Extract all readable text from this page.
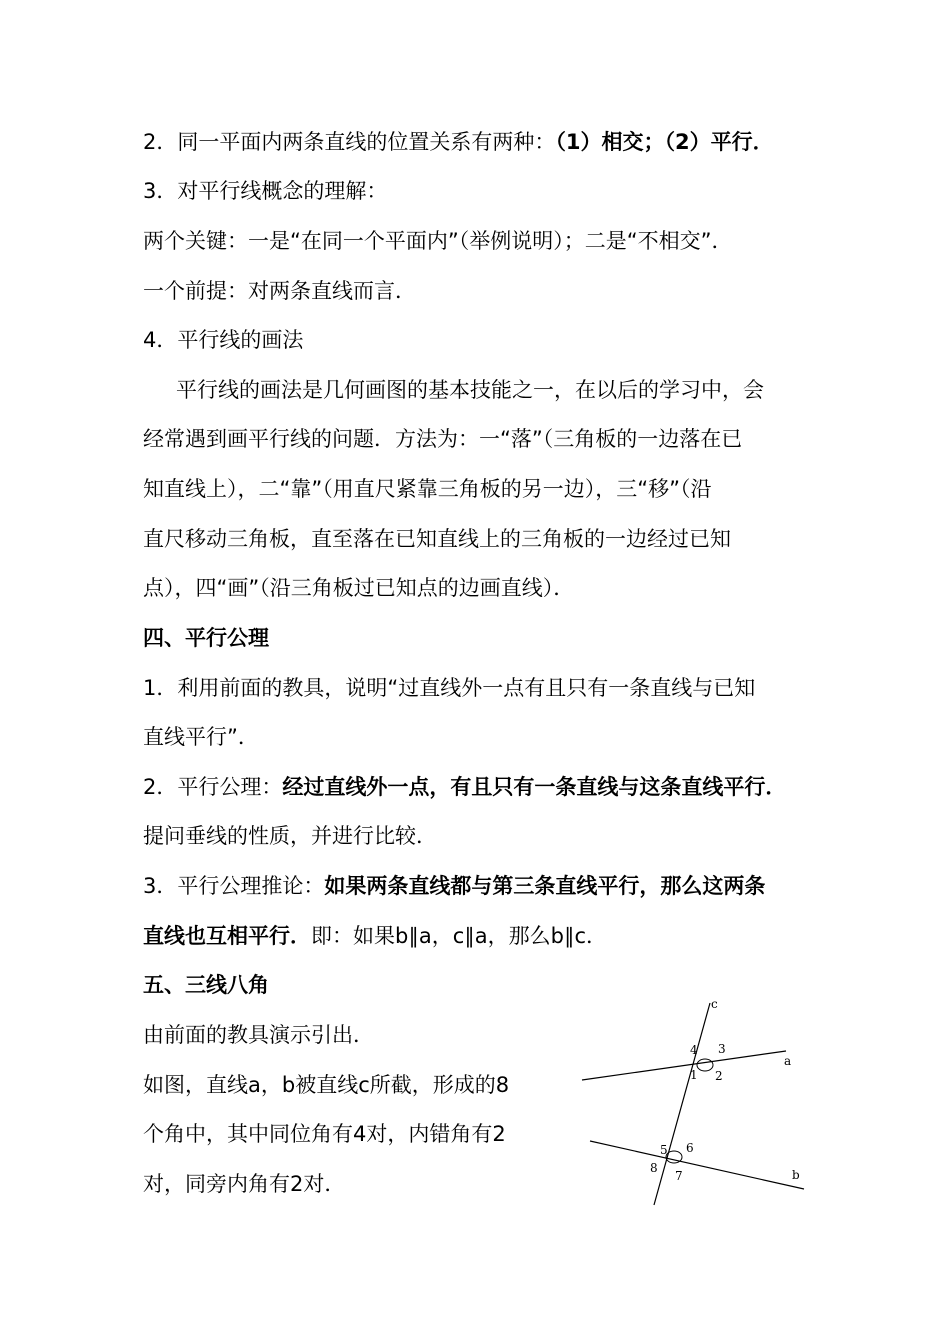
2．同一平面内两条直线的位置关系有两种：（1）相交；（2）平行．
3．对平行线概念的理解：
两个关键：一是“在同一个平面内”（举例说明）；二是“不相交”．
一个前提：对两条直线而言．
4．平行线的画法
平行线的画法是几何画图的基本技能之一，在以后的学习中，会
经常遇到画平行线的问题．方法为：一“落”（三角板的一边落在已
知直线上），二“靠”（用直尺紧靠三角板的另一边），三“移”（沿
直尺移动三角板，直至落在已知直线上的三角板的一边经过已知
点），四“画”（沿三角板过已知点的边画直线）．
四、平行公理
1．利用前面的教具，说明“过直线外一点有且只有一条直线与已知
直线平行”．
2．平行公理：经过直线外一点，有且只有一条直线与这条直线平行．
提问垂线的性质，并进行比较．
3．平行公理推论：如果两条直线都与第三条直线平行，那么这两条
直线也互相平行．即：如果b∥a，c∥a，那么b∥c．
五、三线八角
由前面的教具演示引出．
如图，直线a，b被直线c所截，形成的8
个角中，其中同位角有4对，内错角有2
对，同旁内角有2对．
c
a
b
4 3
1 2
5 6
8
7
